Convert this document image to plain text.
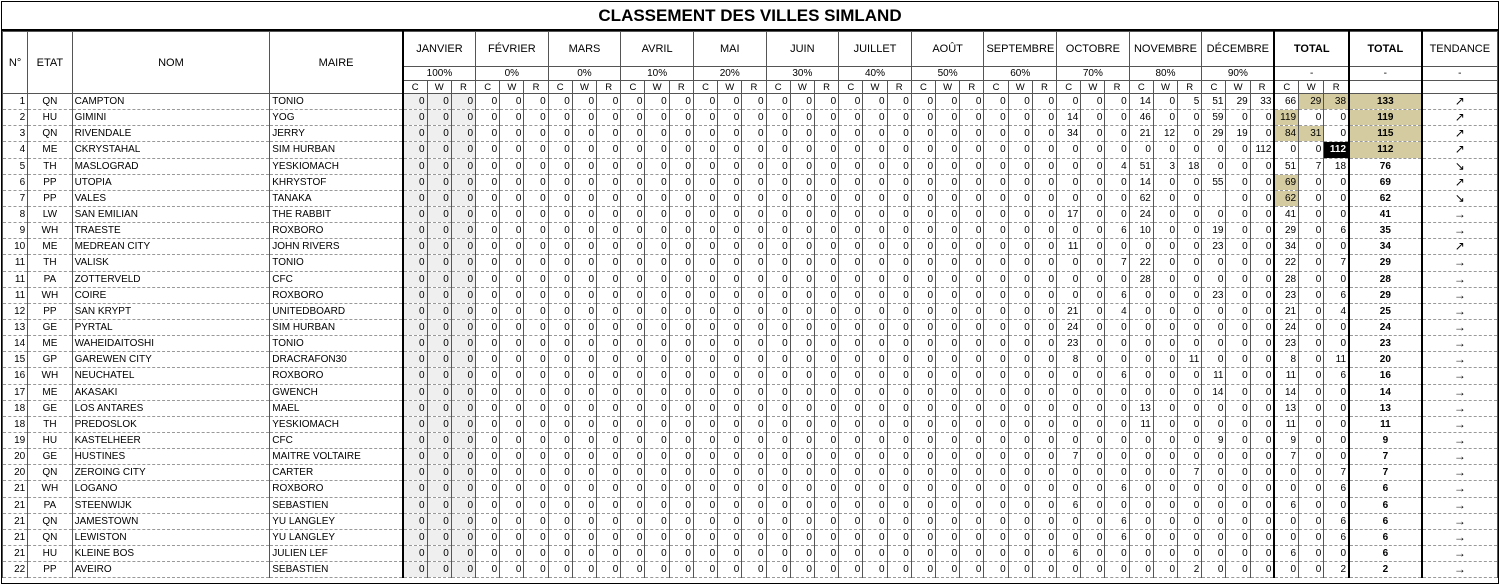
CLASSEMENT DES VILLES SIMLAND
N°	ETAT	NOM	MAIRE	JANVIER			FÉVRIER			MARS			AVRIL			MAI			JUIN			JUILLET			AOÛT			SEPTEMBRE			OCTOBRE			NOVEMBRE			DÉCEMBRE			TOTAL			TOTAL	TENDANCE
				100%			0%			0%			10%			20%			30%			40%			50%			60%			70%			80%			90%			-			-	-
				C	W	R	C	W	R	C	W	R	C	W	R	C	W	R	C	W	R	C	W	R	C	W	R	C	W	R	C	W	R	C	W	R	C	W	R	C	W	R		
1	QN	CAMPTON	TONIO	0	0	0	0	0	0	0	0	0	0	0	0	0	0	0	0	0	0	0	0	0	0	0	0	0	0	0	0	0	0	14	0	5	51	29	33	66	29	38	133	↗
2	HU	GIMINI	YOG	0	0	0	0	0	0	0	0	0	0	0	0	0	0	0	0	0	0	0	0	0	0	0	0	0	0	0	14	0	0	46	0	0	59	0	0	119	0	0	119	↗
3	QN	RIVENDALE	JERRY	0	0	0	0	0	0	0	0	0	0	0	0	0	0	0	0	0	0	0	0	0	0	0	0	0	0	0	34	0	0	21	12	0	29	19	0	84	31	0	115	↗
4	ME	CKRYSTAHAL	SIM HURBAN	0	0	0	0	0	0	0	0	0	0	0	0	0	0	0	0	0	0	0	0	0	0	0	0	0	0	0	0	0	0	0	0	0	0	0	112	0	0	112	112	↗
5	TH	MASLOGRAD	YESKIOMACH	0	0	0	0	0	0	0	0	0	0	0	0	0	0	0	0	0	0	0	0	0	0	0	0	0	0	0	0	0	4	51	3	18	0	0	0	51	7	18	76	↘
6	PP	UTOPIA	KHRYSTOF	0	0	0	0	0	0	0	0	0	0	0	0	0	0	0	0	0	0	0	0	0	0	0	0	0	0	0	0	0	0	14	0	0	55	0	0	69	0	0	69	↗
7	PP	VALES	TANAKA	0	0	0	0	0	0	0	0	0	0	0	0	0	0	0	0	0	0	0	0	0	0	0	0	0	0	0	0	0	0	62	0	0		0	0	62	0	0	62	↘
8	LW	SAN EMILIAN	THE RABBIT	0	0	0	0	0	0	0	0	0	0	0	0	0	0	0	0	0	0	0	0	0	0	0	0	0	0	0	17	0	0	24	0	0	0	0	0	41	0	0	41	→
9	WH	TRAESTE	ROXBORO	0	0	0	0	0	0	0	0	0	0	0	0	0	0	0	0	0	0	0	0	0	0	0	0	0	0	0	0	0	6	10	0	0	19	0	0	29	0	6	35	→
10	ME	MEDREAN CITY	JOHN RIVERS	0	0	0	0	0	0	0	0	0	0	0	0	0	0	0	0	0	0	0	0	0	0	0	0	0	0	0	11	0	0	0	0	0	23	0	0	34	0	0	34	↗
11	TH	VALISK	TONIO	0	0	0	0	0	0	0	0	0	0	0	0	0	0	0	0	0	0	0	0	0	0	0	0	0	0	0	0	0	7	22	0	0	0	0	0	22	0	7	29	→
11	PA	ZOTTERVELD	CFC	0	0	0	0	0	0	0	0	0	0	0	0	0	0	0	0	0	0	0	0	0	0	0	0	0	0	0	0	0	0	28	0	0	0	0	0	28	0	0	28	→
11	WH	COIRE	ROXBORO	0	0	0	0	0	0	0	0	0	0	0	0	0	0	0	0	0	0	0	0	0	0	0	0	0	0	0	0	0	6	0	0	0	23	0	0	23	0	6	29	→
12	PP	SAN KRYPT	UNITEDBOARD	0	0	0	0	0	0	0	0	0	0	0	0	0	0	0	0	0	0	0	0	0	0	0	0	0	0	0	21	0	4	0	0	0	0	0	0	21	0	4	25	→
13	GE	PYRTAL	SIM HURBAN	0	0	0	0	0	0	0	0	0	0	0	0	0	0	0	0	0	0	0	0	0	0	0	0	0	0	0	24	0	0	0	0	0	0	0	0	24	0	0	24	→
14	ME	WAHEIDAITOSHI	TONIO	0	0	0	0	0	0	0	0	0	0	0	0	0	0	0	0	0	0	0	0	0	0	0	0	0	0	0	23	0	0	0	0	0	0	0	0	23	0	0	23	→
15	GP	GAREWEN CITY	DRACRAFON30	0	0	0	0	0	0	0	0	0	0	0	0	0	0	0	0	0	0	0	0	0	0	0	0	0	0	0	8	0	0	0	0	11	0	0	0	8	0	11	20	→
16	WH	NEUCHATEL	ROXBORO	0	0	0	0	0	0	0	0	0	0	0	0	0	0	0	0	0	0	0	0	0	0	0	0	0	0	0	0	0	6	0	0	0	11	0	0	11	0	6	16	→
17	ME	AKASAKI	GWENCH	0	0	0	0	0	0	0	0	0	0	0	0	0	0	0	0	0	0	0	0	0	0	0	0	0	0	0	0	0	0	0	0	0	14	0	0	14	0	0	14	→
18	GE	LOS ANTARES	MAEL	0	0	0	0	0	0	0	0	0	0	0	0	0	0	0	0	0	0	0	0	0	0	0	0	0	0	0	0	0	0	13	0	0	0	0	0	13	0	0	13	→
18	TH	PREDOSLOK	YESKIOMACH	0	0	0	0	0	0	0	0	0	0	0	0	0	0	0	0	0	0	0	0	0	0	0	0	0	0	0	0	0	0	11	0	0	0	0	0	11	0	0	11	→
19	HU	KASTELHEER	CFC	0	0	0	0	0	0	0	0	0	0	0	0	0	0	0	0	0	0	0	0	0	0	0	0	0	0	0	0	0	0	0	0	0	9	0	0	9	0	0	9	→
20	GE	HUSTINES	MAITRE VOLTAIRE	0	0	0	0	0	0	0	0	0	0	0	0	0	0	0	0	0	0	0	0	0	0	0	0	0	0	0	7	0	0	0	0	0	0	0	0	7	0	0	7	→
20	QN	ZEROING CITY	CARTER	0	0	0	0	0	0	0	0	0	0	0	0	0	0	0	0	0	0	0	0	0	0	0	0	0	0	0	0	0	0	0	0	7	0	0	0	0	0	7	7	→
21	WH	LOGANO	ROXBORO	0	0	0	0	0	0	0	0	0	0	0	0	0	0	0	0	0	0	0	0	0	0	0	0	0	0	0	0	0	6	0	0	0	0	0	0	0	0	6	6	→
21	PA	STEENWIJK	SEBASTIEN	0	0	0	0	0	0	0	0	0	0	0	0	0	0	0	0	0	0	0	0	0	0	0	0	0	0	0	6	0	0	0	0	0	0	0	0	6	0	0	6	→
21	QN	JAMESTOWN	YU LANGLEY	0	0	0	0	0	0	0	0	0	0	0	0	0	0	0	0	0	0	0	0	0	0	0	0	0	0	0	0	0	6	0	0	0	0	0	0	0	0	6	6	→
21	QN	LEWISTON	YU LANGLEY	0	0	0	0	0	0	0	0	0	0	0	0	0	0	0	0	0	0	0	0	0	0	0	0	0	0	0	0	0	6	0	0	0	0	0	0	0	0	6	6	→
21	HU	KLEINE BOS	JULIEN LEF	0	0	0	0	0	0	0	0	0	0	0	0	0	0	0	0	0	0	0	0	0	0	0	0	0	0	0	6	0	0	0	0	0	0	0	0	6	0	0	6	→
22	PP	AVEIRO	SEBASTIEN	0	0	0	0	0	0	0	0	0	0	0	0	0	0	0	0	0	0	0	0	0	0	0	0	0	0	0	0	0	0	0	0	2	0	0	0	0	0	2	2	→
